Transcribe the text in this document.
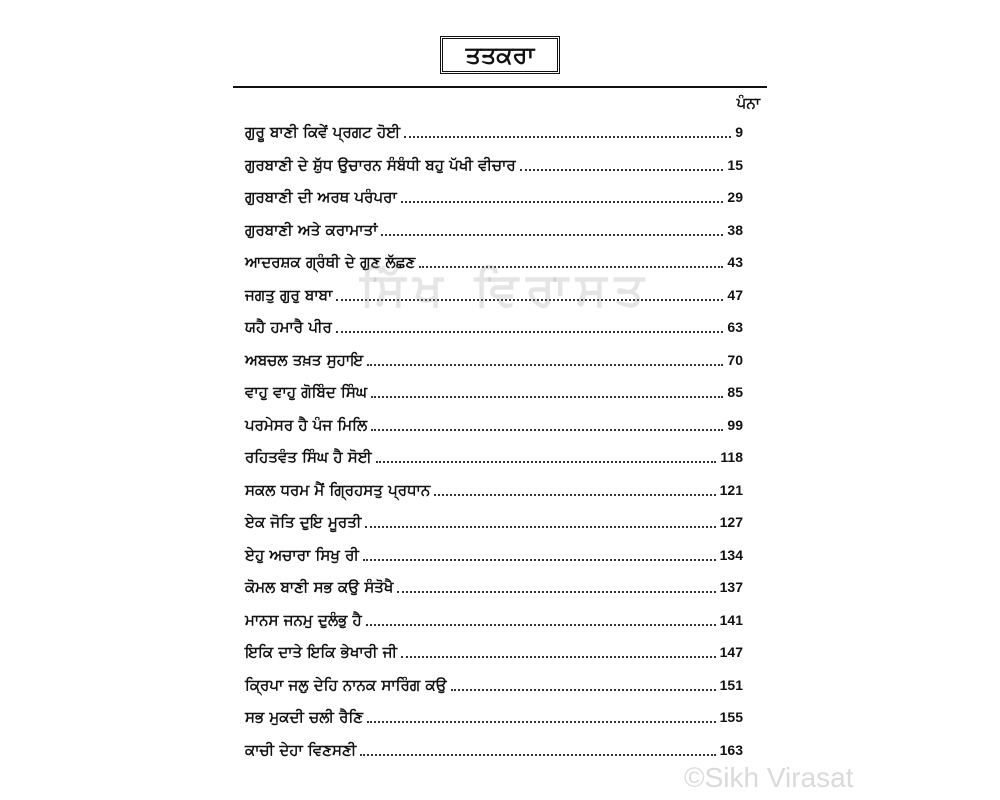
ਤਤਕਰਾ
ਪੰਨਾ
ਗੁਰੂ ਬਾਣੀ ਕਿਵੇਂ ਪ੍ਰਗਟ ਹੋਈ	9
ਗੁਰਬਾਣੀ ਦੇ ਸ਼ੁੱਧ ਉਚਾਰਨ ਸੰਬੰਧੀ ਬਹੁ ਪੱਖੀ ਵੀਚਾਰ	15
ਗੁਰਬਾਣੀ ਦੀ ਅਰਥ ਪਰੰਪਰਾ	29
ਗੁਰਬਾਣੀ ਅਤੇ ਕਰਾਮਾਤਾਂ	38
ਆਦਰਸ਼ਕ ਗ੍ਰੰਥੀ ਦੇ ਗੁਣ ਲੱਛਣ	43
ਜਗਤੁ ਗੁਰੁ ਬਾਬਾ	47
ਯਹੈ ਹਮਾਰੈ ਪੀਰ	63
ਅਬਚਲ ਤਖ਼ਤ ਸੁਹਾਇ	70
ਵਾਹੁ ਵਾਹੁ ਗੋਬਿੰਦ ਸਿੰਘ	85
ਪਰਮੇਸਰ ਹੈ ਪੰਜ ਮਿਲਿ	99
ਰਹਿਤਵੰਤ ਸਿੰਘ ਹੈ ਸੋਈ	118
ਸਕਲ ਧਰਮ ਮੈਂ ਗ੍ਰਿਹਸਤੁ ਪ੍ਰਧਾਨ	121
ਏਕ ਜੋਤਿ ਦੁਇ ਮੂਰਤੀ	127
ਏਹੁ ਅਚਾਰਾ ਸਿਖੁ ਰੀ	134
ਕੋਮਲ ਬਾਣੀ ਸਭ ਕਉ ਸੰਤੋਖੈ	137
ਮਾਨਸ ਜਨਮੁ ਦੁਲੰਭੁ ਹੈ	141
ਇਕਿ ਦਾਤੇ ਇਕਿ ਭੇਖਾਰੀ ਜੀ	147
ਕ੍ਰਿਪਾ ਜਲੁ ਦੇਹਿ ਨਾਨਕ ਸਾਰਿੰਗ ਕਉ	151
ਸਭ ਮੁਕਦੀ ਚਲੀ ਰੈਣਿ	155
ਕਾਚੀ ਦੇਹਾ ਵਿਣਸਣੀ	163
ਸਿੱਖ ਵਿਰਾਸਤ
©Sikh Virasat
